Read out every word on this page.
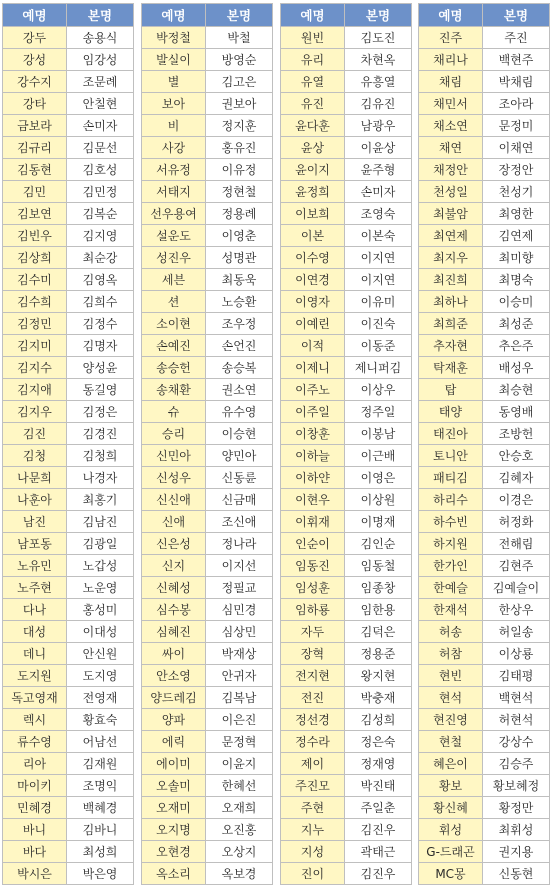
예명	본명
강두	송용식
강성	임강성
강수지	조문례
강타	안칠현
금보라	손미자
김규리	김문선
김동현	김호성
김민	김민정
김보연	김복순
김빈우	김지영
김상희	최순강
김수미	김영옥
김수희	김희수
김정민	김정수
김지미	김명자
김지수	양성윤
김지애	동길영
김지우	김정은
김진	김경진
김청	김청희
나문희	나경자
나훈아	최홍기
남진	김남진
남포동	김광일
노유민	노갑성
노주현	노운영
다나	홍성미
대성	이대성
데니	안신원
도지원	도지영
독고영재	전영재
렉시	황효숙
류수영	어남선
리아	김재원
마이키	조명익
민혜경	백혜경
바니	김바니
바다	최성희
박시은	박은영
예명	본명
박정철	박철
발실이	방영순
별	김고은
보아	권보아
비	정지훈
사강	홍유진
서유정	이유정
서태지	정현철
선우용여	정용례
설운도	이영춘
성진우	성명관
세븐	최동욱
션	노승환
소이현	조우정
손예진	손언진
송승헌	송승복
송채환	권소연
슈	유수영
승리	이승현
신민아	양민아
신성우	신동륜
신신애	신금매
신애	조신애
신은성	정나라
신지	이지선
신혜성	정필교
심수봉	심민경
심혜진	심상민
싸이	박재상
안소영	안귀자
양드레김	김복남
양파	이은진
에릭	문정혁
에이미	이윤지
오솔미	한혜선
오재미	오재희
오지명	오진홍
오현경	오상지
옥소리	옥보경
예명	본명
원빈	김도진
유리	차현옥
유열	유흥열
유진	김유진
윤다훈	남광우
윤상	이윤상
윤이지	윤주형
윤정희	손미자
이보희	조영숙
이본	이본숙
이수영	이지연
이연경	이지연
이영자	이유미
이예린	이진숙
이적	이동준
이제니	제니퍼김
이주노	이상우
이주일	정주일
이창훈	이봉남
이하늘	이근배
이하얀	이영은
이현우	이상원
이휘재	이명재
인순이	김인순
임동진	임동철
임성훈	임종창
임하룡	임한용
자두	김덕은
장혁	정용준
전지현	왕지현
전진	박충재
정선경	김성희
정수라	정은숙
제이	정재영
주진모	박진태
주현	주일춘
지누	김진우
지성	곽태근
진이	김진우
예명	본명
진주	주진
채리나	백현주
채림	박채림
채민서	조아라
채소연	문정미
채연	이채연
채정안	장정안
천성일	천성기
최불암	최영한
최연제	김연제
최지우	최미향
최진희	최명숙
최하나	이승미
최희준	최성준
추자현	추은주
탁재훈	배성우
탑	최승현
태양	동영배
태진아	조방헌
토니안	안승호
패티김	김혜자
하리수	이경은
하수빈	허정화
하지원	전해림
한가인	김현주
한예슬	김예슬이
한재석	한상우
허송	허일송
허참	이상룡
현빈	김태평
현석	백현석
현진영	허현석
현철	강상수
혜은이	김승주
황보	황보혜정
황신혜	황정만
휘성	최휘성
G-드래곤	권지용
MC몽	신동현
